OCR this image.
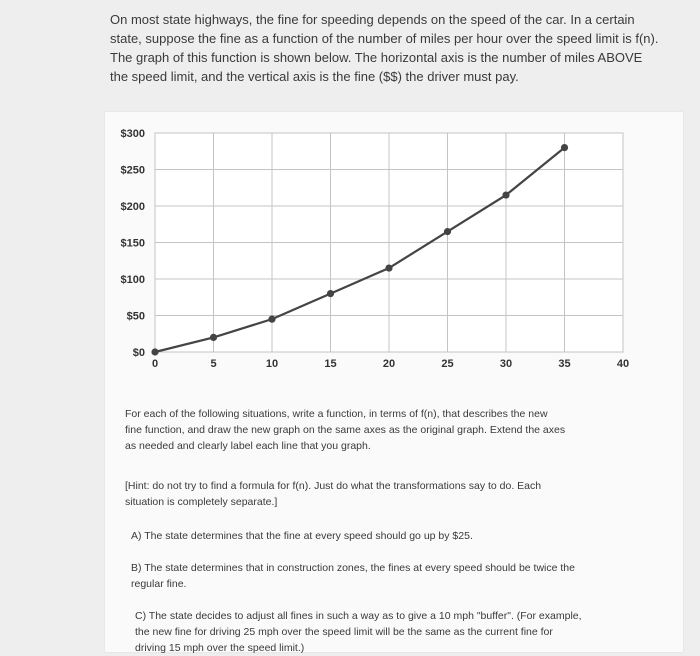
On most state highways, the fine for speeding depends on the speed of the car. In a certain
state, suppose the fine as a function of the number of miles per hour over the speed limit is f(n).
The graph of this function is shown below. The horizontal axis is the number of miles ABOVE
the speed limit, and the vertical axis is the fine ($$) the driver must pay.
$0
$50
$100
$150
$200
$250
$300
0	5	10	15	20	25	30	35	40
For each of the following situations, write a function, in terms of f(n), that describes the new
fine function, and draw the new graph on the same axes as the original graph. Extend the axes
as needed and clearly label each line that you graph.
[Hint: do not try to find a formula for f(n). Just do what the transformations say to do. Each
situation is completely separate.]
A) The state determines that the fine at every speed should go up by $25.
B) The state determines that in construction zones, the fines at every speed should be twice the
regular fine.
C) The state decides to adjust all fines in such a way as to give a 10 mph "buffer". (For example,
the new fine for driving 25 mph over the speed limit will be the same as the current fine for
driving 15 mph over the speed limit.)
